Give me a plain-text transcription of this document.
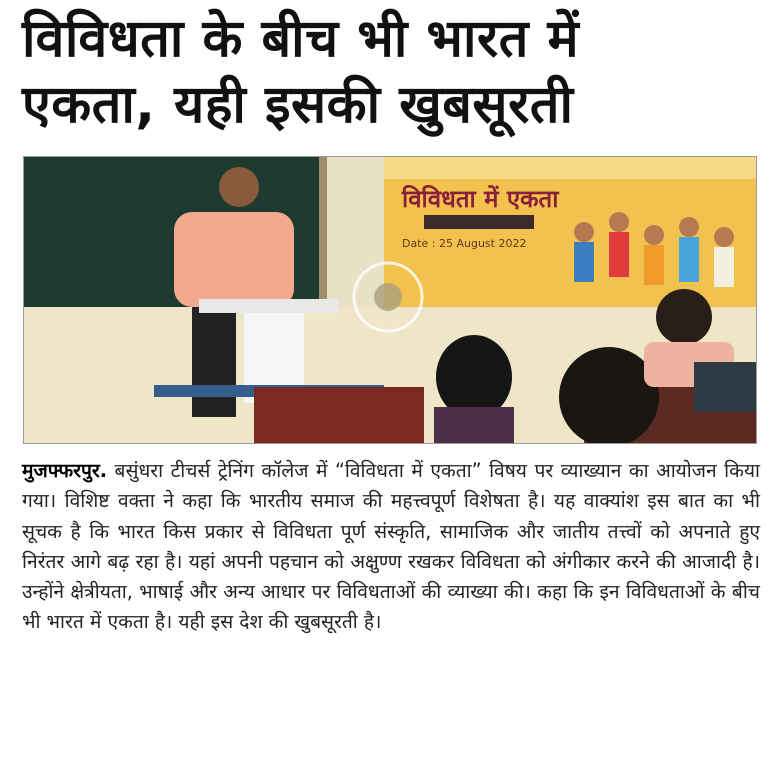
विविधता के बीच भी भारत में
एकता, यही इसकी खुबसूरती
विविधता में एकता
Date : 25 August 2022
मुजफ्फरपुर. बसुंधरा टीचर्स ट्रेनिंग कॉलेज में “विविधता में एकता” विषय पर व्याख्यान का आयोजन किया गया। विशिष्ट वक्ता ने कहा कि भारतीय समाज की महत्त्वपूर्ण विशेषता है। यह वाक्यांश इस बात का भी सूचक है कि भारत किस प्रकार से विविधता पूर्ण संस्कृति, सामाजिक और जातीय तत्त्वों को अपनाते हुए निरंतर आगे बढ़ रहा है। यहां अपनी पहचान को अक्षुण्ण रखकर विविधता को अंगीकार करने की आजादी है। उन्होंने क्षेत्रीयता, भाषाई और अन्य आधार पर विविधताओं की व्याख्या की। कहा कि इन विविधताओं के बीच भी भारत में एकता है। यही इस देश की खुबसूरती है।
